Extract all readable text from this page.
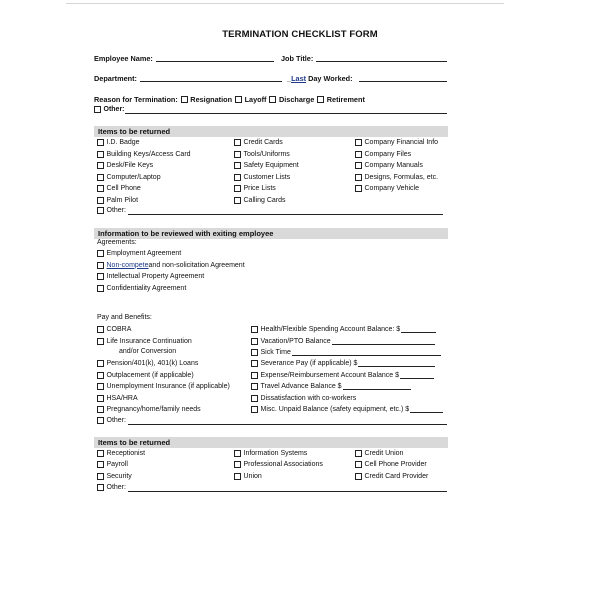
TERMINATION CHECKLIST FORM
Employee Name:	Job Title:
Department:	_Last Day Worked:
Reason for Termination: Resignation Layoff Discharge Retirement
Other:
Items to be returned
I.D. Badge
Building Keys/Access Card
Desk/File Keys
Computer/Laptop
Cell Phone
Palm Pilot
Credit Cards
Tools/Uniforms
Safety Equipment
Customer Lists
Price Lists
Calling Cards
Company Financial Info
Company Files
Company Manuals
Designs, Formulas, etc.
Company Vehicle
Other:
Information to be reviewed with exiting employee
Agreements:
Employment Agreement
Non-compete and non-solicitation Agreement
Intellectual Property Agreement
Confidentiality Agreement
Pay and Benefits:
COBRA
Life Insurance Continuation
and/or Conversion
Pension/401(k), 401(k) Loans
Outplacement (if applicable)
Unemployment Insurance (if applicable)
HSA/HRA
Pregnancy/home/family needs
Health/Flexible Spending Account Balance: $
Vacation/PTO Balance
Sick Time
Severance Pay (if applicable) $
Expense/Reimbursement Account Balance $
Travel Advance Balance $
Dissatisfaction with co-workers
Misc. Unpaid Balance (safety equipment, etc.) $
Other:
Items to be returned
Receptionist
Payroll
Security
Information Systems
Professional Associations
Union
Credit Union
Cell Phone Provider
Credit Card Provider
Other:
